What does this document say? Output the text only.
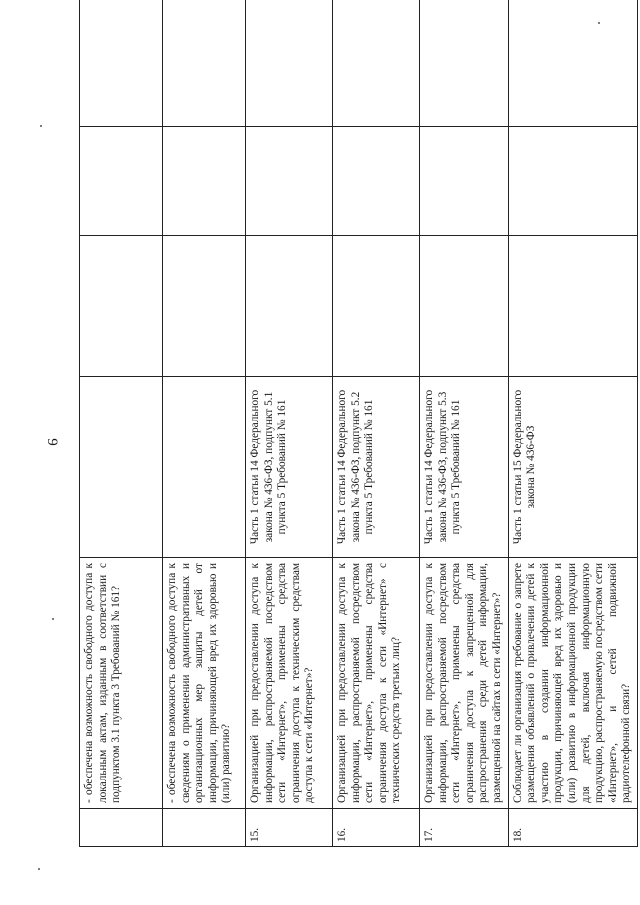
9
	- обеспечена возможность свободного доступа к локальным актам, изданным в соответствии с подпунктом 3.1 пункта 3 Требований № 161?				
	- обеспечена возможность свободного доступа к сведениям о применении административных и организационных мер защиты детей от информации, причиняющей вред их здоровью и (или) развитию?				
15.	Организацией при предоставлении доступа к информации, распространяемой посредством сети «Интернет», применены средства ограничения доступа к техническим средствам доступа к сети «Интернет»?	Часть 1 статьи 14 Федерального закона № 436-ФЗ, подпункт 5.1 пункта 5 Требований № 161			
16.	Организацией при предоставлении доступа к информации, распространяемой посредством сети «Интернет», применены средства ограничения доступа к сети «Интернет» с технических средств третьих лиц?	Часть 1 статьи 14 Федерального закона № 436-ФЗ, подпункт 5.2 пункта 5 Требований № 161			
17.	Организацией при предоставлении доступа к информации, распространяемой посредством сети «Интернет», применены средства ограничения доступа к запрещенной для распространения среди детей информации, размещенной на сайтах в сети «Интернет»?	Часть 1 статьи 14 Федерального закона № 436-ФЗ, подпункт 5.3 пункта 5 Требований № 161			
18.	Соблюдает ли организация требование о запрете размещения объявлений о привлечении детей к участию в создании информационной продукции, причиняющей вред их здоровью и (или) развитию в информационной продукции для детей, включая информационную продукцию, распространяемую посредством сети «Интернет», и сетей подвижной радиотелефонной связи?	Часть 1 статьи 15 Федерального закона № 436-ФЗ			
